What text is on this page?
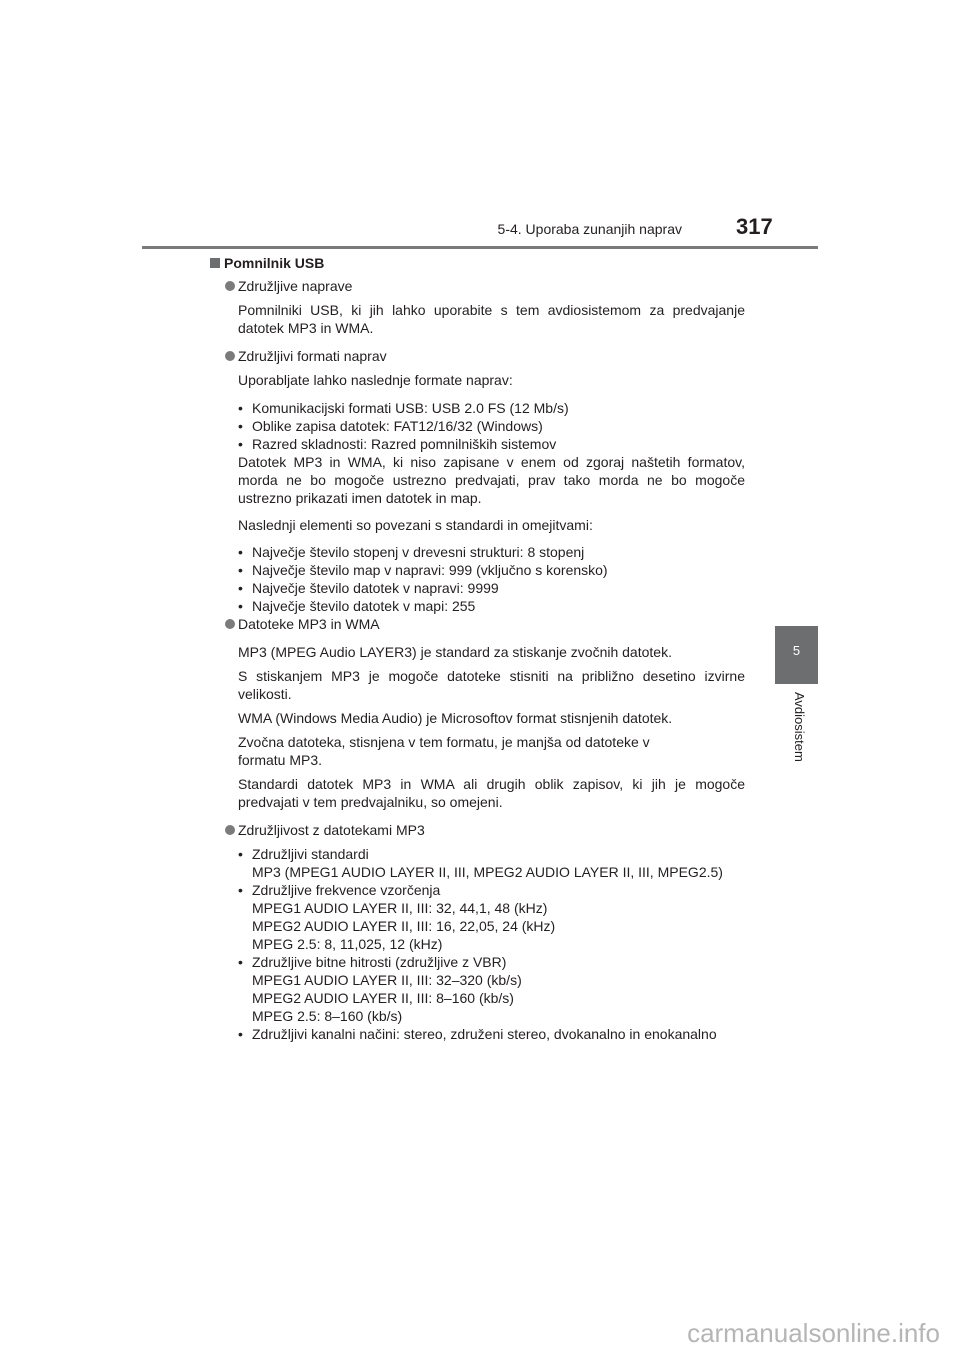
5-4. Uporaba zunanjih naprav 317
5
Avdiosistem
Pomnilnik USB
Združljive naprave
Pomnilniki USB, ki jih lahko uporabite s tem avdiosistemom za predvajanje datotek MP3 in WMA.
Združljivi formati naprav
Uporabljate lahko naslednje formate naprav:
• Komunikacijski formati USB: USB 2.0 FS (12 Mb/s)
• Oblike zapisa datotek: FAT12/16/32 (Windows)
• Razred skladnosti: Razred pomnilniških sistemov
Datotek MP3 in WMA, ki niso zapisane v enem od zgoraj naštetih formatov, morda ne bo mogoče ustrezno predvajati, prav tako morda ne bo mogoče ustrezno prikazati imen datotek in map.
Naslednji elementi so povezani s standardi in omejitvami:
• Največje število stopenj v drevesni strukturi: 8 stopenj
• Največje število map v napravi: 999 (vključno s korensko)
• Največje število datotek v napravi: 9999
• Največje število datotek v mapi: 255
Datoteke MP3 in WMA
MP3 (MPEG Audio LAYER3) je standard za stiskanje zvočnih datotek.
S stiskanjem MP3 je mogoče datoteke stisniti na približno desetino izvirne velikosti.
WMA (Windows Media Audio) je Microsoftov format stisnjenih datotek.
Zvočna datoteka, stisnjena v tem formatu, je manjša od datoteke v
formatu MP3.
Standardi datotek MP3 in WMA ali drugih oblik zapisov, ki jih je mogoče predvajati v tem predvajalniku, so omejeni.
Združljivost z datotekami MP3
• Združljivi standardi
MP3 (MPEG1 AUDIO LAYER II, III, MPEG2 AUDIO LAYER II, III, MPEG2.5)
• Združljive frekvence vzorčenja
MPEG1 AUDIO LAYER II, III: 32, 44,1, 48 (kHz)
MPEG2 AUDIO LAYER II, III: 16, 22,05, 24 (kHz)
MPEG 2.5: 8, 11,025, 12 (kHz)
• Združljive bitne hitrosti (združljive z VBR)
MPEG1 AUDIO LAYER II, III: 32–320 (kb/s)
MPEG2 AUDIO LAYER II, III: 8–160 (kb/s)
MPEG 2.5: 8–160 (kb/s)
• Združljivi kanalni načini: stereo, združeni stereo, dvokanalno in enokanalno
carmanualsonline.info
